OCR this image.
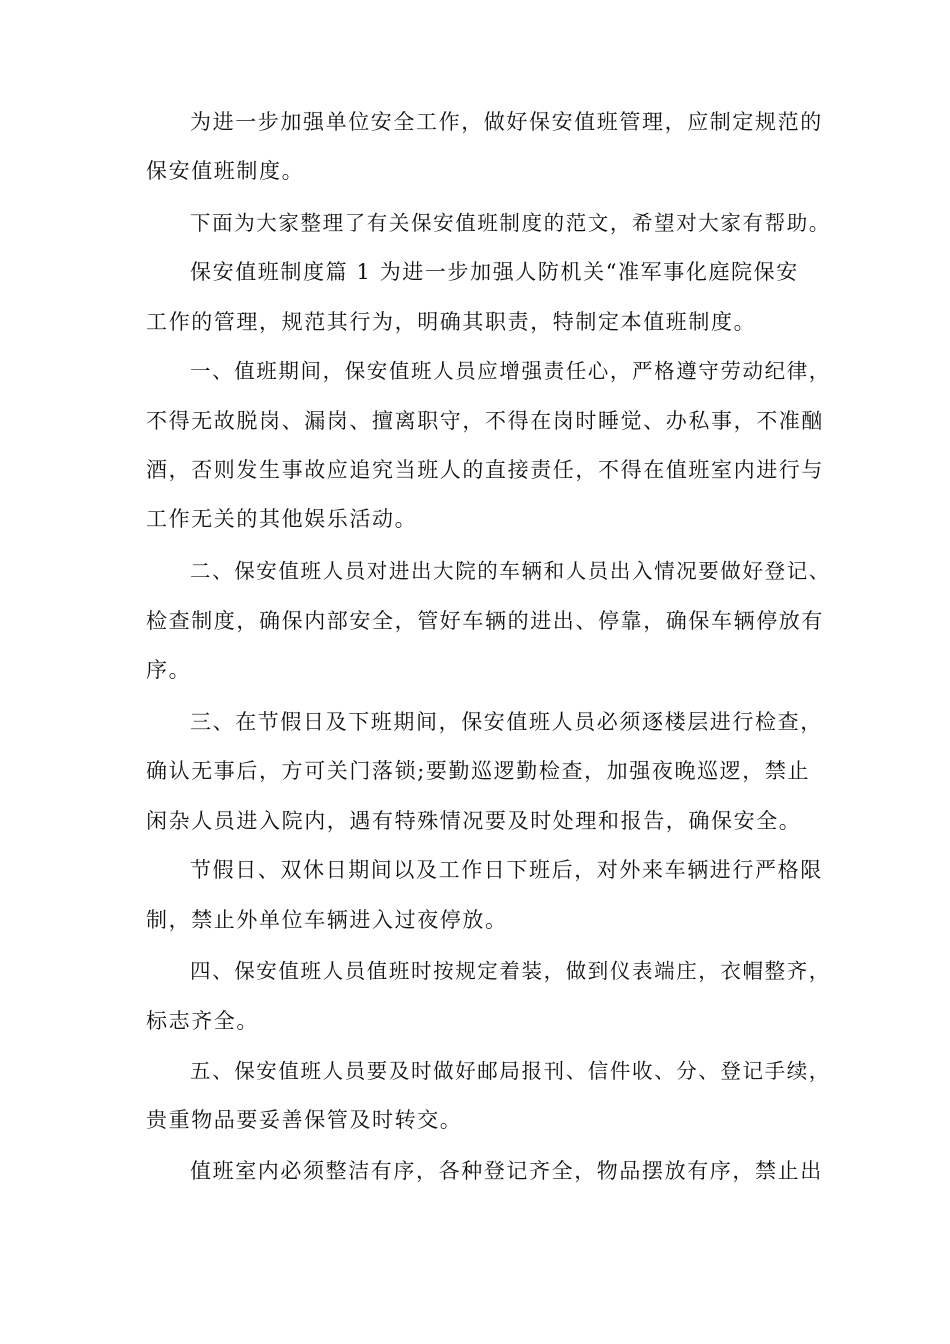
为进一步加强单位安全工作，做好保安值班管理，应制定规范的
保安值班制度。
下面为大家整理了有关保安值班制度的范文，希望对大家有帮助。
保安值班制度篇 1 为进一步加强人防机关“准军事化庭院保安
工作的管理，规范其行为，明确其职责，特制定本值班制度。
一、值班期间，保安值班人员应增强责任心，严格遵守劳动纪律，
不得无故脱岗、漏岗、擅离职守，不得在岗时睡觉、办私事，不准酗
酒，否则发生事故应追究当班人的直接责任，不得在值班室内进行与
工作无关的其他娱乐活动。
二、保安值班人员对进出大院的车辆和人员出入情况要做好登记、
检查制度，确保内部安全，管好车辆的进出、停靠，确保车辆停放有
序。
三、在节假日及下班期间，保安值班人员必须逐楼层进行检查，
确认无事后，方可关门落锁;要勤巡逻勤检查，加强夜晚巡逻，禁止
闲杂人员进入院内，遇有特殊情况要及时处理和报告，确保安全。
节假日、双休日期间以及工作日下班后，对外来车辆进行严格限
制，禁止外单位车辆进入过夜停放。
四、保安值班人员值班时按规定着装，做到仪表端庄，衣帽整齐，
标志齐全。
五、保安值班人员要及时做好邮局报刊、信件收、分、登记手续，
贵重物品要妥善保管及时转交。
值班室内必须整洁有序，各种登记齐全，物品摆放有序，禁止出
